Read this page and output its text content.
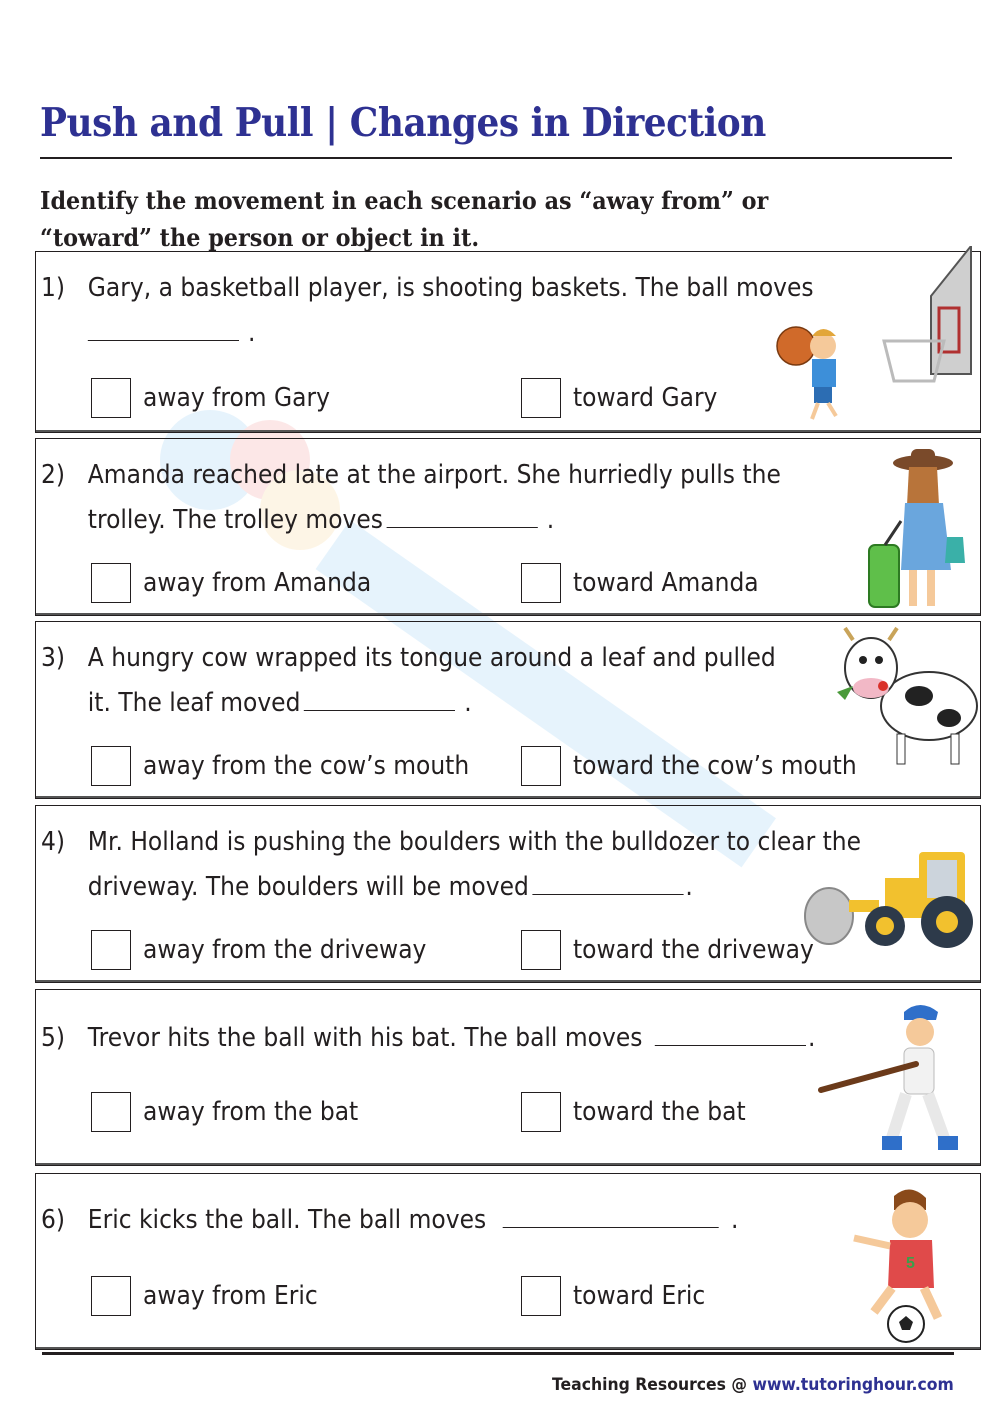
Push and Pull | Changes in Direction
Identify the movement in each scenario as “away from” or
“toward” the person or object in it.
1) Gary, a basketball player, is shooting baskets. The ball moves
.
away from Gary	toward Gary
2) Amanda reached late at the airport. She hurriedly pulls the
trolley. The trolley moves	.
away from Amanda	toward Amanda
3) A hungry cow wrapped its tongue around a leaf and pulled
it. The leaf moved	.
away from the cow’s mouth	toward the cow’s mouth
4) Mr. Holland is pushing the boulders with the bulldozer to clear the
driveway. The boulders will be moved	.
away from the driveway	toward the driveway
5) Trevor hits the ball with his bat. The ball moves	.
away from the bat	toward the bat
6) Eric kicks the ball. The ball moves	.
away from Eric	toward Eric
5
Teaching Resources @ www.tutoringhour.com
